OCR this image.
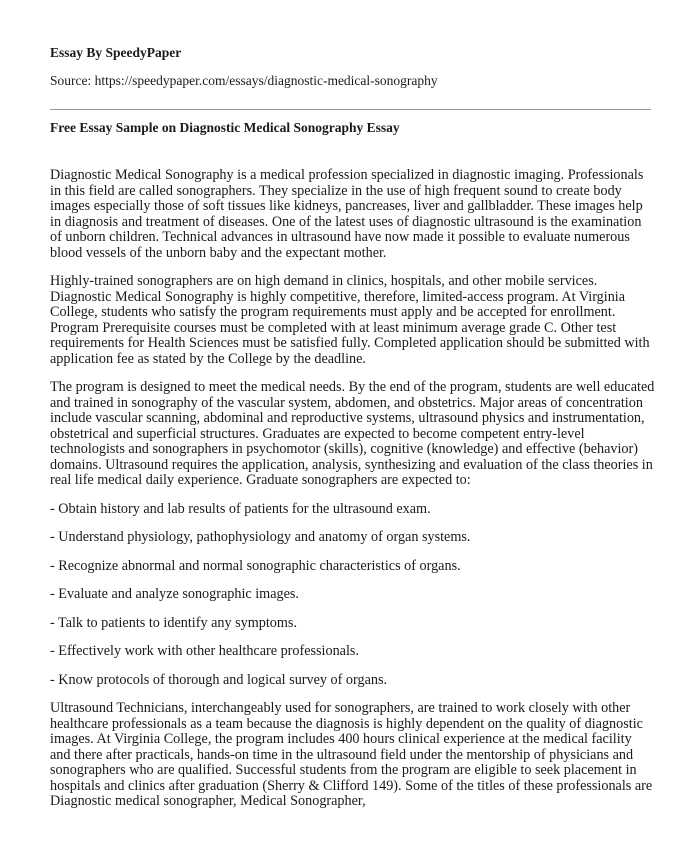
Essay By SpeedyPaper
Source: https://speedypaper.com/essays/diagnostic-medical-sonography
Free Essay Sample on Diagnostic Medical Sonography Essay

Diagnostic Medical Sonography is a medical profession specialized in diagnostic imaging. Professionals in this field are called sonographers. They specialize in the use of high frequent sound to create body images especially those of soft tissues like kidneys, pancreases, liver and gallbladder. These images help in diagnosis and treatment of diseases. One of the latest uses of diagnostic ultrasound is the examination of unborn children. Technical advances in ultrasound have now made it possible to evaluate numerous blood vessels of the unborn baby and the expectant mother.

Highly-trained sonographers are on high demand in clinics, hospitals, and other mobile services. Diagnostic Medical Sonography is highly competitive, therefore, limited-access program. At Virginia College, students who satisfy the program requirements must apply and be accepted for enrollment. Program Prerequisite courses must be completed with at least minimum average grade C. Other test requirements for Health Sciences must be satisfied fully. Completed application should be submitted with application fee as stated by the College by the deadline.

The program is designed to meet the medical needs. By the end of the program, students are well educated and trained in sonography of the vascular system, abdomen, and obstetrics. Major areas of concentration include vascular scanning, abdominal and reproductive systems, ultrasound physics and instrumentation, obstetrical and superficial structures. Graduates are expected to become competent entry-level technologists and sonographers in psychomotor (skills), cognitive (knowledge) and effective (behavior) domains. Ultrasound requires the application, analysis, synthesizing and evaluation of the class theories in real life medical daily experience. Graduate sonographers are expected to:

- Obtain history and lab results of patients for the ultrasound exam.
- Understand physiology, pathophysiology and anatomy of organ systems.
- Recognize abnormal and normal sonographic characteristics of organs.
- Evaluate and analyze sonographic images.
- Talk to patients to identify any symptoms.
- Effectively work with other healthcare professionals.
- Know protocols of thorough and logical survey of organs.

Ultrasound Technicians, interchangeably used for sonographers, are trained to work closely with other healthcare professionals as a team because the diagnosis is highly dependent on the quality of diagnostic images. At Virginia College, the program includes 400 hours clinical experience at the medical facility and there after practicals, hands-on time in the ultrasound field under the mentorship of physicians and sonographers who are qualified. Successful students from the program are eligible to seek placement in hospitals and clinics after graduation (Sherry & Clifford 149). Some of the titles of these professionals are Diagnostic medical sonographer, Medical Sonographer,
